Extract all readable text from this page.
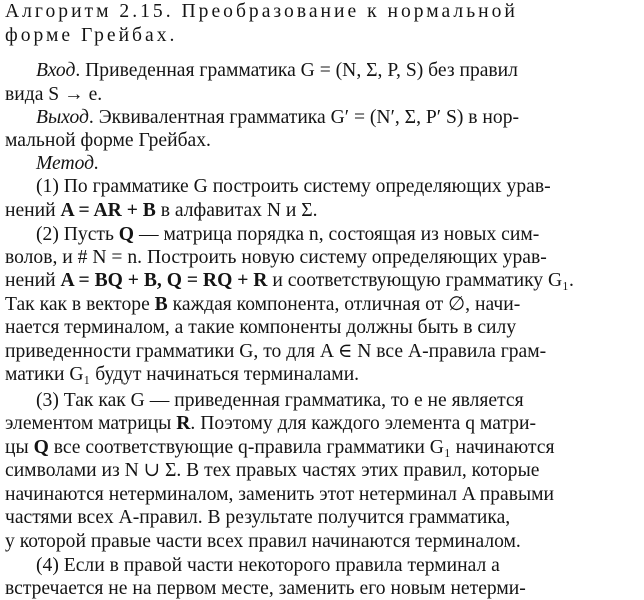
Алгоритм 2.15. Преобразование к нормальной
форме Грейбах.
Вход. Приведенная грамматика G = (N, Σ, P, S) без правил
вида S → e.
Выход. Эквивалентная грамматика G′ = (N′, Σ, P′ S) в нор-
мальной форме Грейбах.
Метод.
(1) По грамматике G построить систему определяющих урав-
нений A = AR + B в алфавитах N и Σ.
(2) Пусть Q — матрица порядка n, состоящая из новых сим-
волов, и # N = n. Построить новую систему определяющих урав-
нений A = BQ + B, Q = RQ + R и соответствующую грамматику G₁.
Так как в векторе B каждая компонента, отличная от ∅, начи-
нается терминалом, а такие компоненты должны быть в силу
приведенности грамматики G, то для A ∈ N все A-правила грам-
матики G₁ будут начинаться терминалами.
(3) Так как G — приведенная грамматика, то e не является
элементом матрицы R. Поэтому для каждого элемента q матри-
цы Q все соответствующие q-правила грамматики G₁ начинаются
символами из N ∪ Σ. В тех правых частях этих правил, которые
начинаются нетерминалом, заменить этот нетерминал A правыми
частями всех A-правил. В результате получится грамматика,
у которой правые части всех правил начинаются терминалом.
(4) Если в правой части некоторого правила терминал a
встречается не на первом месте, заменить его новым нетерми-
